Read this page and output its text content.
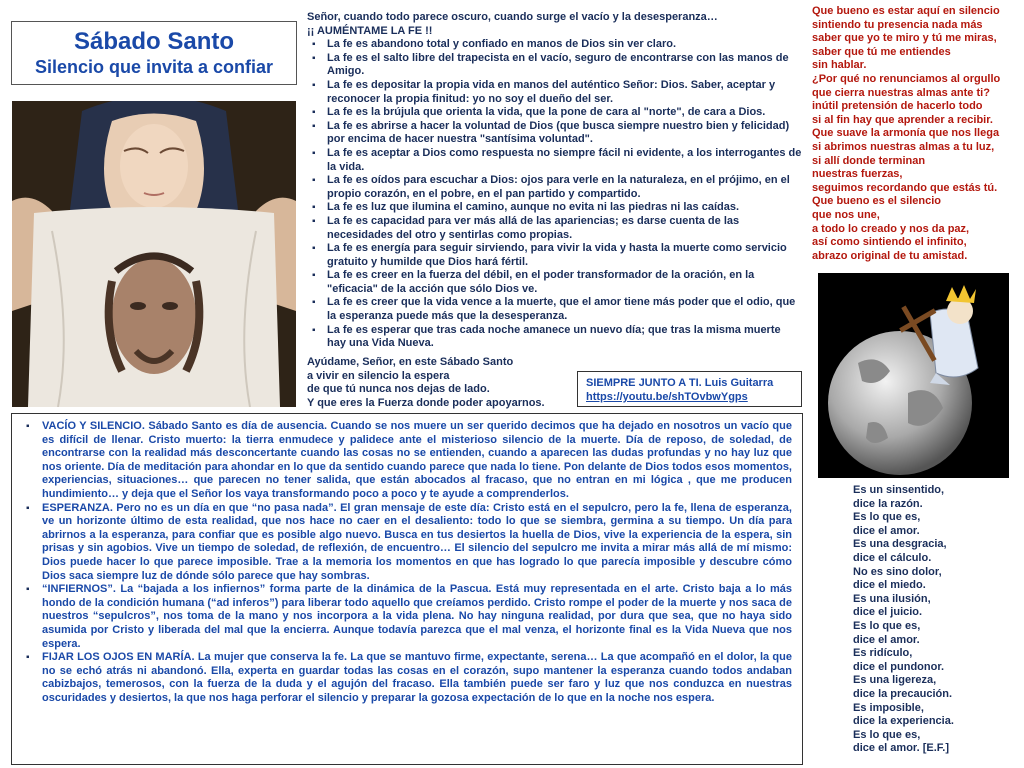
Sábado Santo
Silencio que invita a confiar

Señor, cuando todo parece oscuro, cuando surge el vacío y la desesperanza…

¡¡ AUMÉNTAME LA FE !!

▪ La fe es abandono total y confiado en manos de Dios sin ver claro.
▪ La fe es el salto libre del trapecista en el vacío, seguro de encontrarse con las manos de Amigo.
▪ La fe es depositar la propia vida en manos del auténtico Señor: Dios. Saber, aceptar y reconocer la propia finitud: yo no soy el dueño del ser.
▪ La fe es la brújula que orienta la vida, que la pone de cara al "norte", de cara a Dios.
▪ La fe es abrirse a hacer la voluntad de Dios (que busca siempre nuestro bien y felicidad) por encima de hacer nuestra "santísima voluntad".
▪ La fe es aceptar a Dios como respuesta no siempre fácil ni evidente, a los interrogantes de la vida.
▪ La fe es oídos para escuchar a Dios: ojos para verle en la naturaleza, en el prójimo, en el propio corazón, en el pobre, en el pan partido y compartido.
▪ La fe es luz que ilumina el camino, aunque no evita ni las piedras ni las caídas.
▪ La fe es capacidad para ver más allá de las apariencias; es darse cuenta de las necesidades del otro y sentirlas como propias.
▪ La fe es energía para seguir sirviendo, para vivir la vida y hasta la muerte como servicio gratuito y humilde que Dios hará fértil.
▪ La fe es creer en la fuerza del débil, en el poder transformador de la oración, en la "eficacia" de la acción que sólo Dios ve.
▪ La fe es creer que la vida vence a la muerte, que el amor tiene más poder que el odio, que la esperanza puede más que la desesperanza.
▪ La fe es esperar que tras cada noche amanece un nuevo día; que tras la misma muerte hay una Vida Nueva.
Ayúdame, Señor, en este Sábado Santo
a vivir en silencio la espera
de que tú nunca nos dejas de lado.
Y que eres la Fuerza donde poder apoyarnos.
SIEMPRE JUNTO A TI. Luis Guitarra
https://youtu.be/shTOvbwYgps
Que bueno es estar aquí en silencio
sintiendo tu presencia nada más
saber que yo te miro y tú me miras,
saber que tú me entiendes
sin hablar.
¿Por qué no renunciamos al orgullo
que cierra nuestras almas ante ti?
inútil pretensión de hacerlo todo
si al fin hay que aprender a recibir.
Que suave la armonía que nos llega
si abrimos nuestras almas a tu luz,
si allí donde terminan
nuestras fuerzas,
seguimos recordando que estás tú.
Que bueno es el silencio
que nos une,
a todo lo creado y nos da paz,
así como sintiendo el infinito,
abrazo original de tu amistad.
Es un sinsentido,
dice la razón.
Es lo que es,
dice el amor.
Es una desgracia,
dice el cálculo.
No es sino dolor,
dice el miedo.
Es una ilusión,
dice el juicio.
Es lo que es,
dice el amor.
Es ridículo,
dice el pundonor.
Es una ligereza,
dice la precaución.
Es imposible,
dice la experiencia.
Es lo que es,
dice el amor. [E.F.]
▪ VACÍO Y SILENCIO. Sábado Santo es día de ausencia. Cuando se nos muere un ser querido decimos que ha dejado en nosotros un vacío que es difícil de llenar. Cristo muerto: la tierra enmudece y palidece ante el misterioso silencio de la muerte. Día de reposo, de soledad, de encontrarse con la realidad más desconcertante cuando las cosas no se entienden, cuando a aparecen las dudas profundas y no hay luz que nos oriente. Día de meditación para ahondar en lo que da sentido cuando parece que nada lo tiene. Pon delante de Dios todos esos momentos, experiencias, situaciones… que parecen no tener salida, que están abocados al fracaso, que no entran en mi lógica , que me producen hundimiento… y deja que el Señor los vaya transformando poco a poco y te ayude a comprenderlos.
▪ ESPERANZA. Pero no es un día en que “no pasa nada”. El gran mensaje de este día: Cristo está en el sepulcro, pero la fe, llena de esperanza, ve un horizonte último de esta realidad, que nos hace no caer en el desaliento: todo lo que se siembra, germina a su tiempo. Un día para abrirnos a la esperanza, para confiar que es posible algo nuevo. Busca en tus desiertos la huella de Dios, vive la experiencia de la espera, sin prisas y sin agobios. Vive un tiempo de soledad, de reflexión, de encuentro… El silencio del sepulcro me invita a mirar más allá de mí mismo: Dios puede hacer lo que parece imposible. Trae a la memoria los momentos en que has logrado lo que parecía imposible y descubre cómo Dios saca siempre luz de dónde sólo parece que hay sombras.
▪ “INFIERNOS”. La “bajada a los infiernos” forma parte de la dinámica de la Pascua. Está muy representada en el arte. Cristo baja a lo más hondo de la condición humana (“ad inferos”) para liberar todo aquello que creíamos perdido. Cristo rompe el poder de la muerte y nos saca de nuestros “sepulcros”, nos toma de la mano y nos incorpora a la vida plena. No hay ninguna realidad, por dura que sea, que no haya sido asumida por Cristo y liberada del mal que la encierra. Aunque todavía parezca que el mal venza, el horizonte final es la Vida Nueva que nos espera.
▪ FIJAR LOS OJOS EN MARÍA. La mujer que conserva la fe. La que se mantuvo firme, expectante, serena… La que acompañó en el dolor, la que no se echó atrás ni abandonó. Ella, experta en guardar todas las cosas en el corazón, supo mantener la esperanza cuando todos andaban cabizbajos, temerosos, con la fuerza de la duda y el agujón del fracaso. Ella también puede ser faro y luz que nos conduzca en nuestras oscuridades y desiertos, la que nos haga perforar el silencio y preparar la gozosa expectación de lo que en la noche nos espera.
